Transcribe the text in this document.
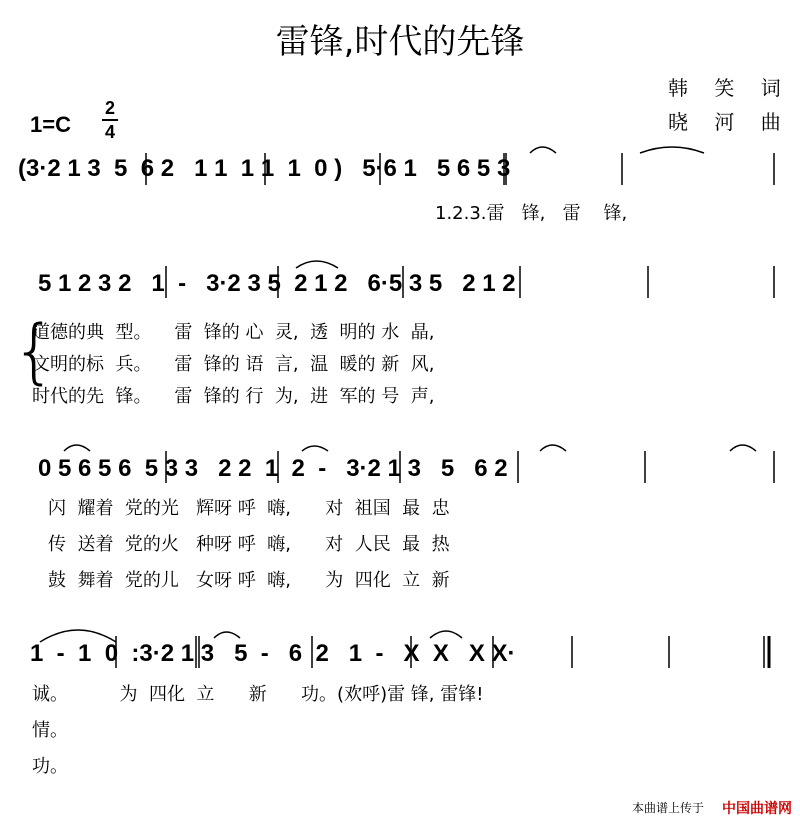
雷锋,时代的先锋
韩 笑 词
晓 河 曲
1=C
2
4
(3·2 1 3  5  6 2   1 1  1 1  1  0 )   5·6 1   5 6 5 3
1.2.3.雷   锋,   雷    锋,
5 1 2 3 2   1  -   3·2 3 5  2 1 2   6·5 3 5   2 1 2
{
道德的典  型。    雷  锋的 心  灵,  透  明的 水  晶,
文明的标  兵。    雷  锋的 语  言,  温  暖的 新  风,
时代的先  锋。    雷  锋的 行  为,  进  军的 号  声,
0 5 6 5 6  5 3 3   2 2  1  2  -   3·2 1 3   5   6 2
闪  耀着  党的光   辉呀 呼  嗨,      对  祖国  最  忠
传  送着  党的火   种呀 呼  嗨,      对  人民  最  热
鼓  舞着  党的儿   女呀 呼  嗨,      为  四化  立  新
1  -  1  0  :3·2 1 3   5  -   6  2   1  -   X  X   X X·
诚。         为  四化  立      新      功。(欢呼)雷 锋, 雷锋!
情。
功。
本曲谱上传于 中国曲谱网
